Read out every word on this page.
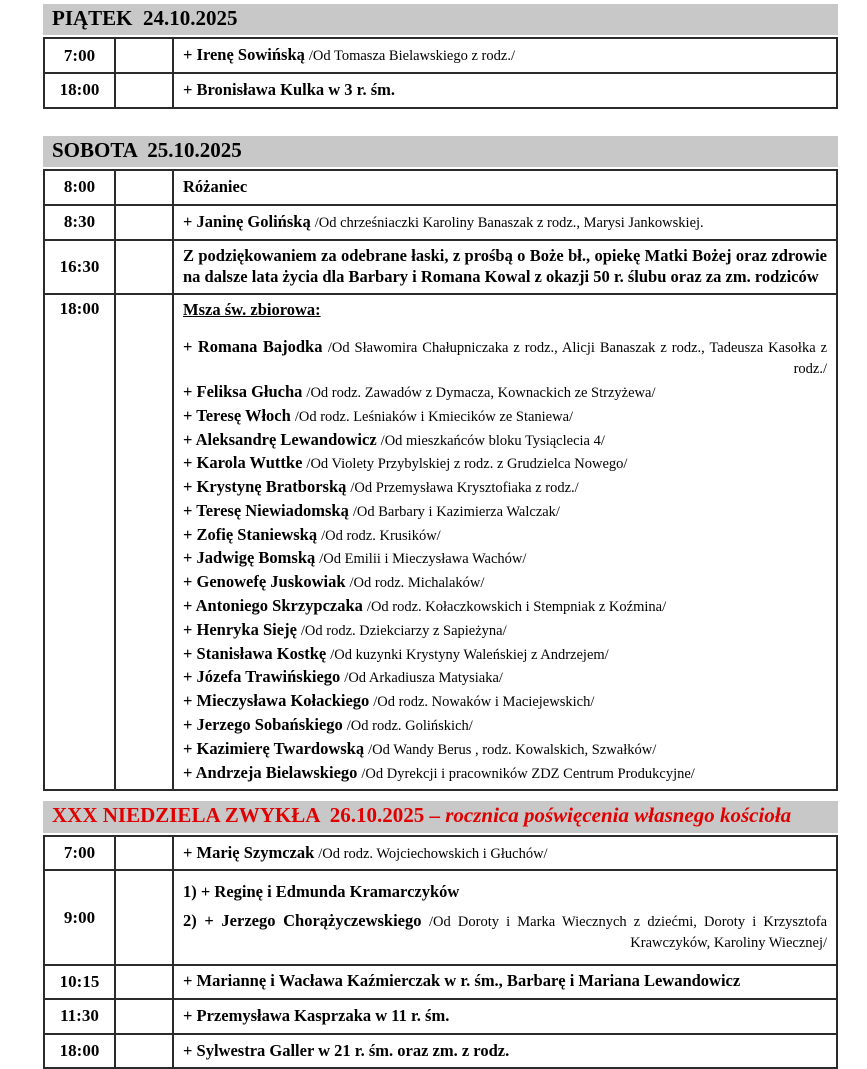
PIĄTEK  24.10.2025
7:00		+ Irenę Sowińską /Od Tomasza Bielawskiego z rodz./

18:00		+ Bronisława Kulka w 3 r. śm.

SOBOTA  25.10.2025
8:00		Różaniec

8:30		+ Janinę Golińską /Od chrześniaczki Karoliny Banaszak z rodz., Marysi Jankowskiej.

16:30		Z podziękowaniem za odebrane łaski, z prośbą o Boże bł., opiekę Matki Bożej oraz zdrowie na dalsze lata życia dla Barbary i Romana Kowal z okazji 50 r. ślubu oraz za zm. rodziców

18:00		Msza św. zbiorowa:

+ Romana Bajodka /Od Sławomira Chałupniczaka z rodz., Alicji Banaszak z rodz., Tadeusza Kasołka z rodz./

+ Feliksa Głucha /Od rodz. Zawadów z Dymacza, Kownackich ze Strzyżewa/

+ Teresę Włoch /Od rodz. Leśniaków i Kmiecików ze Staniewa/

+ Aleksandrę Lewandowicz /Od mieszkańców bloku Tysiąclecia 4/

+ Karola Wuttke /Od Violety Przybylskiej z rodz. z Grudzielca Nowego/

+ Krystynę Bratborską /Od Przemysława Krysztofiaka z rodz./

+ Teresę Niewiadomską /Od Barbary i Kazimierza Walczak/

+ Zofię Staniewską /Od rodz. Krusików/

+ Jadwigę Bomską /Od Emilii i Mieczysława Wachów/

+ Genowefę Juskowiak /Od rodz. Michalaków/

+ Antoniego Skrzypczaka /Od rodz. Kołaczkowskich i Stempniak z Koźmina/

+ Henryka Sieję /Od rodz. Dziekciarzy z Sapieżyna/

+ Stanisława Kostkę /Od kuzynki Krystyny Waleńskiej z Andrzejem/

+ Józefa Trawińskiego /Od Arkadiusza Matysiaka/

+ Mieczysława Kołackiego /Od rodz. Nowaków i Maciejewskich/

+ Jerzego Sobańskiego /Od rodz. Golińskich/

+ Kazimierę Twardowską /Od Wandy Berus , rodz. Kowalskich, Szwałków/

+ Andrzeja Bielawskiego /Od Dyrekcji i pracowników ZDZ Centrum Produkcyjne/

XXX NIEDZIELA ZWYKŁA  26.10.2025 – rocznica poświęcenia własnego kościoła
7:00		+ Marię Szymczak /Od rodz. Wojciechowskich i Głuchów/

9:00		1) + Reginę i Edmunda Kramarczyków

2) + Jerzego Chorążyczewskiego /Od Doroty i Marka Wiecznych z dziećmi, Doroty i Krzysztofa Krawczyków, Karoliny Wiecznej/

10:15		+ Mariannę i Wacława Kaźmierczak w r. śm., Barbarę i Mariana Lewandowicz

11:30		+ Przemysława Kasprzaka w 11 r. śm.

18:00		+ Sylwestra Galler w 21 r. śm. oraz zm. z rodz.
